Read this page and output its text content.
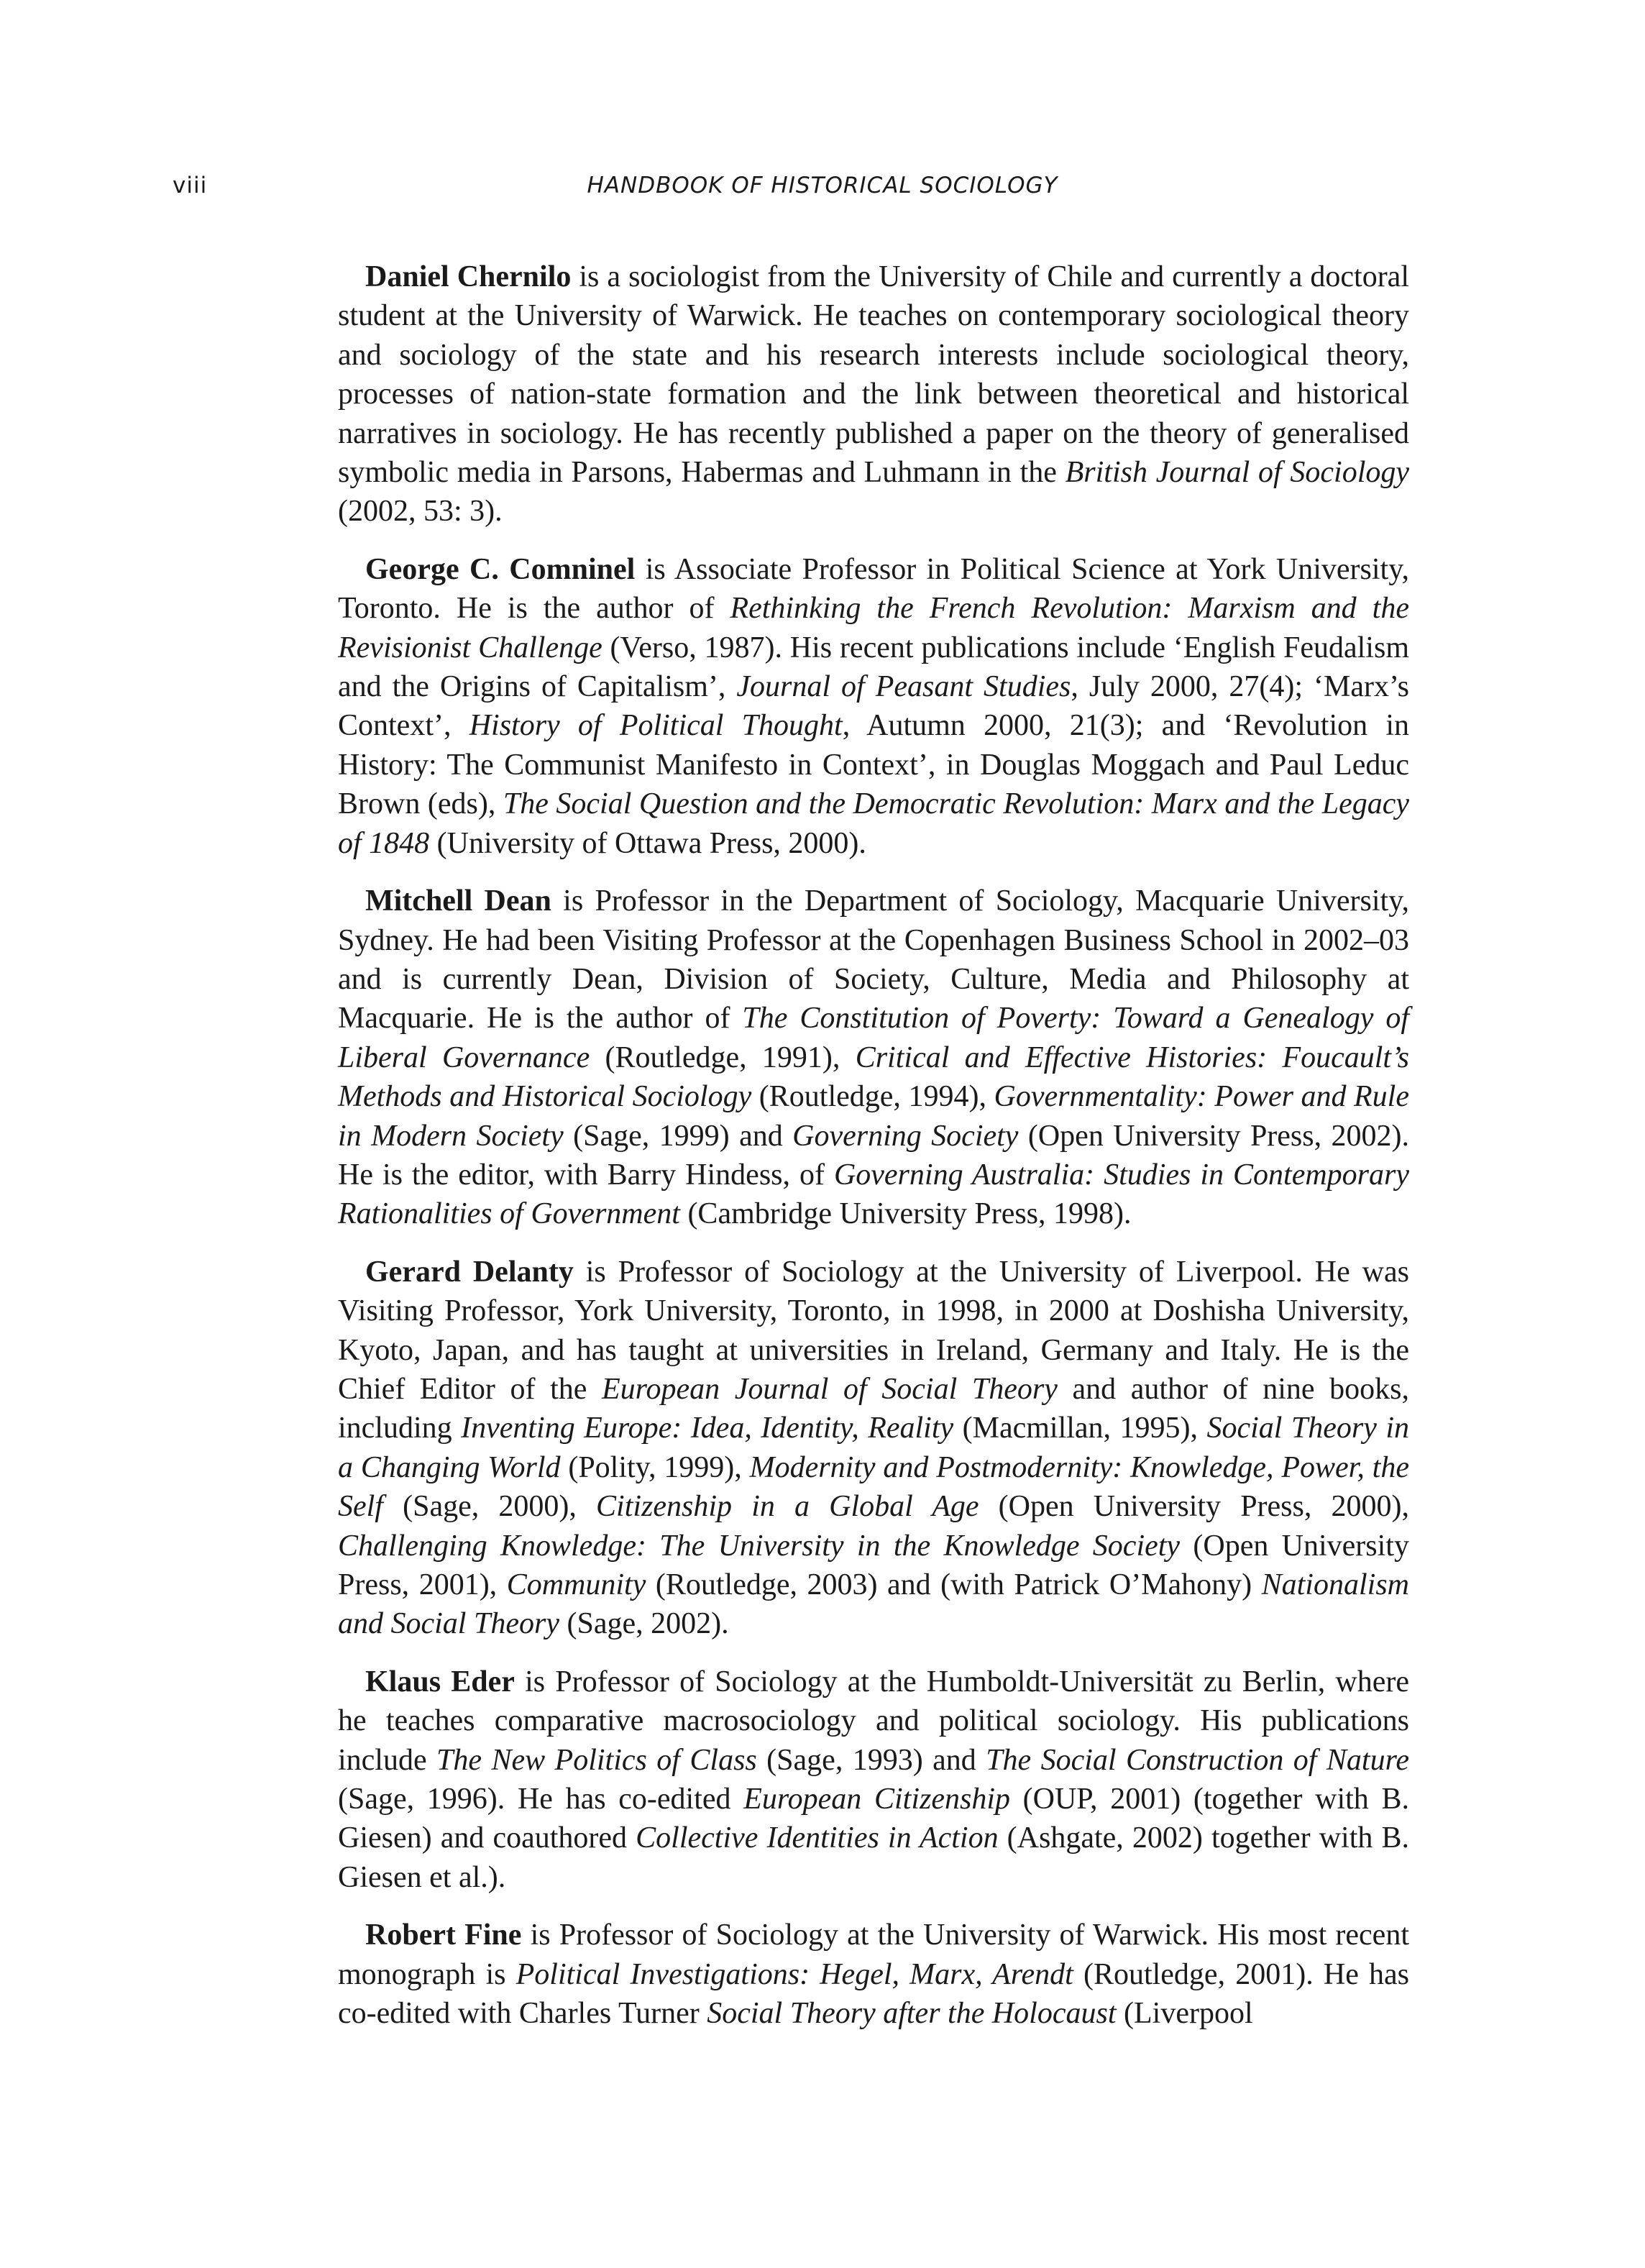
viii	HANDBOOK OF HISTORICAL SOCIOLOGY

Daniel Chernilo is a sociologist from the University of Chile and currently a doctoral student at the University of Warwick. He teaches on contemporary sociological theory and sociology of the state and his research interests include sociological theory, processes of nation-state formation and the link between theoretical and historical narratives in sociology. He has recently published a paper on the theory of generalised symbolic media in Parsons, Habermas and Luhmann in the British Journal of Sociology (2002, 53: 3).

George C. Comninel is Associate Professor in Political Science at York University, Toronto. He is the author of Rethinking the French Revolution: Marxism and the Revisionist Challenge (Verso, 1987). His recent publications include ‘English Feudalism and the Origins of Capitalism’, Journal of Peasant Studies, July 2000, 27(4); ‘Marx’s Context’, History of Political Thought, Autumn 2000, 21(3); and ‘Revolution in History: The Communist Manifesto in Context’, in Douglas Moggach and Paul Leduc Brown (eds), The Social Question and the Democratic Revolution: Marx and the Legacy of 1848 (University of Ottawa Press, 2000).

Mitchell Dean is Professor in the Department of Sociology, Macquarie University, Sydney. He had been Visiting Professor at the Copenhagen Business School in 2002–03 and is currently Dean, Division of Society, Culture, Media and Philosophy at Macquarie. He is the author of The Constitution of Poverty: Toward a Genealogy of Liberal Governance (Routledge, 1991), Critical and Effective Histories: Foucault’s Methods and Historical Sociology (Routledge, 1994), Governmentality: Power and Rule in Modern Society (Sage, 1999) and Governing Society (Open University Press, 2002). He is the editor, with Barry Hindess, of Governing Australia: Studies in Contemporary Rationalities of Government (Cambridge University Press, 1998).

Gerard Delanty is Professor of Sociology at the University of Liverpool. He was Visiting Professor, York University, Toronto, in 1998, in 2000 at Doshisha University, Kyoto, Japan, and has taught at universities in Ireland, Germany and Italy. He is the Chief Editor of the European Journal of Social Theory and author of nine books, including Inventing Europe: Idea, Identity, Reality (Macmillan, 1995), Social Theory in a Changing World (Polity, 1999), Modernity and Postmodernity: Knowledge, Power, the Self (Sage, 2000), Citizenship in a Global Age (Open University Press, 2000), Challenging Knowledge: The University in the Knowledge Society (Open University Press, 2001), Community (Routledge, 2003) and (with Patrick O’Mahony) Nationalism and Social Theory (Sage, 2002).

Klaus Eder is Professor of Sociology at the Humboldt-Universität zu Berlin, where he teaches comparative macrosociology and political sociology. His publications include The New Politics of Class (Sage, 1993) and The Social Construction of Nature (Sage, 1996). He has co-edited European Citizenship (OUP, 2001) (together with B. Giesen) and coauthored Collective Identities in Action (Ashgate, 2002) together with B. Giesen et al.).

Robert Fine is Professor of Sociology at the University of Warwick. His most recent monograph is Political Investigations: Hegel, Marx, Arendt (Routledge, 2001). He has co-edited with Charles Turner Social Theory after the Holocaust (Liverpool
